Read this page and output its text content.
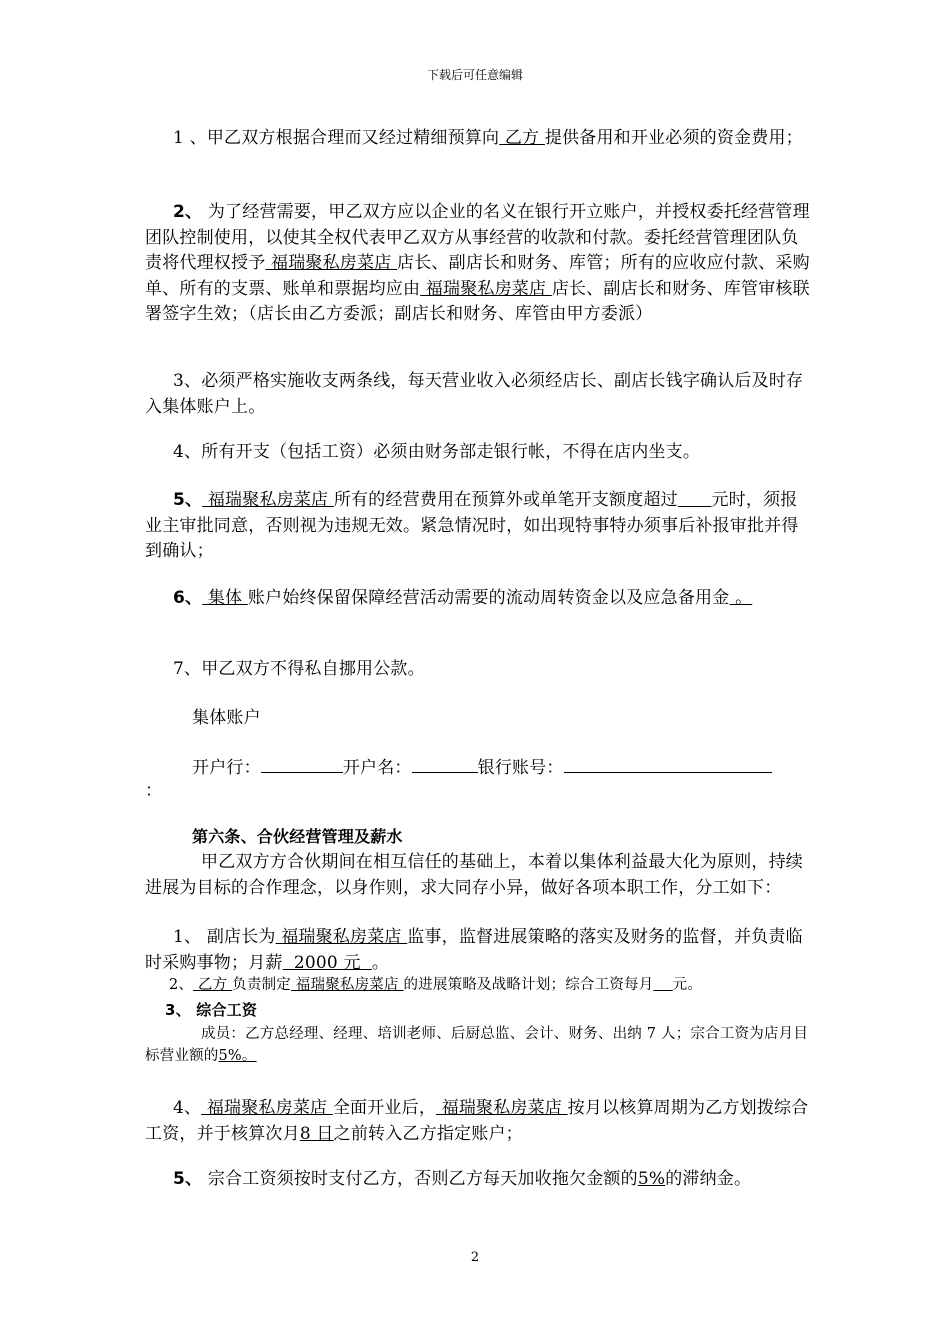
下载后可任意编辑
1 、甲乙双方根据合理而又经过精细预算向 乙方 提供备用和开业必须的资金费用；
2、 为了经营需要，甲乙双方应以企业的名义在银行开立账户，并授权委托经营管理团队控制使用，以使其全权代表甲乙双方从事经营的收款和付款。委托经营管理团队负责将代理权授予 福瑞聚私房菜店 店长、副店长和财务、库管；所有的应收应付款、采购单、所有的支票、账单和票据均应由 福瑞聚私房菜店 店长、副店长和财务、库管审核联署签字生效；（店长由乙方委派；副店长和财务、库管由甲方委派）
3、必须严格实施收支两条线，每天营业收入必须经店长、副店长钱字确认后及时存入集体账户上。
4、所有开支（包括工资）必须由财务部走银行帐，不得在店内坐支。
5、 福瑞聚私房菜店 所有的经营费用在预算外或单笔开支额度超过 元时，须报业主审批同意，否则视为违规无效。紧急情况时，如出现特事特办须事后补报审批并得到确认；
6、 集体 账户始终保留保障经营活动需要的流动周转资金以及应急备用金 。
7、甲乙双方不得私自挪用公款。
集体账户
开户行：	开户名：	银行账号：
：
第六条、合伙经营管理及薪水
甲乙双方方合伙期间在相互信任的基础上，本着以集体利益最大化为原则，持续进展为目标的合作理念，以身作则，求大同存小异，做好各项本职工作，分工如下：
1、 副店长为 福瑞聚私房菜店 监事，监督进展策略的落实及财务的监督，并负责临时采购事物；月薪  2000 元  。
2、 乙方 负责制定 福瑞聚私房菜店 的进展策略及战略计划；综合工资每月 元。
3、 综合工资
成员：乙方总经理、经理、培训老师、后厨总监、会计、财务、出纳 7 人；宗合工资为店月目标营业额的5%。
4、 福瑞聚私房菜店 全面开业后， 福瑞聚私房菜店 按月以核算周期为乙方划拨综合工资，并于核算次月8 日之前转入乙方指定账户；
5、 宗合工资须按时支付乙方，否则乙方每天加收拖欠金额的5%的滞纳金。
2
